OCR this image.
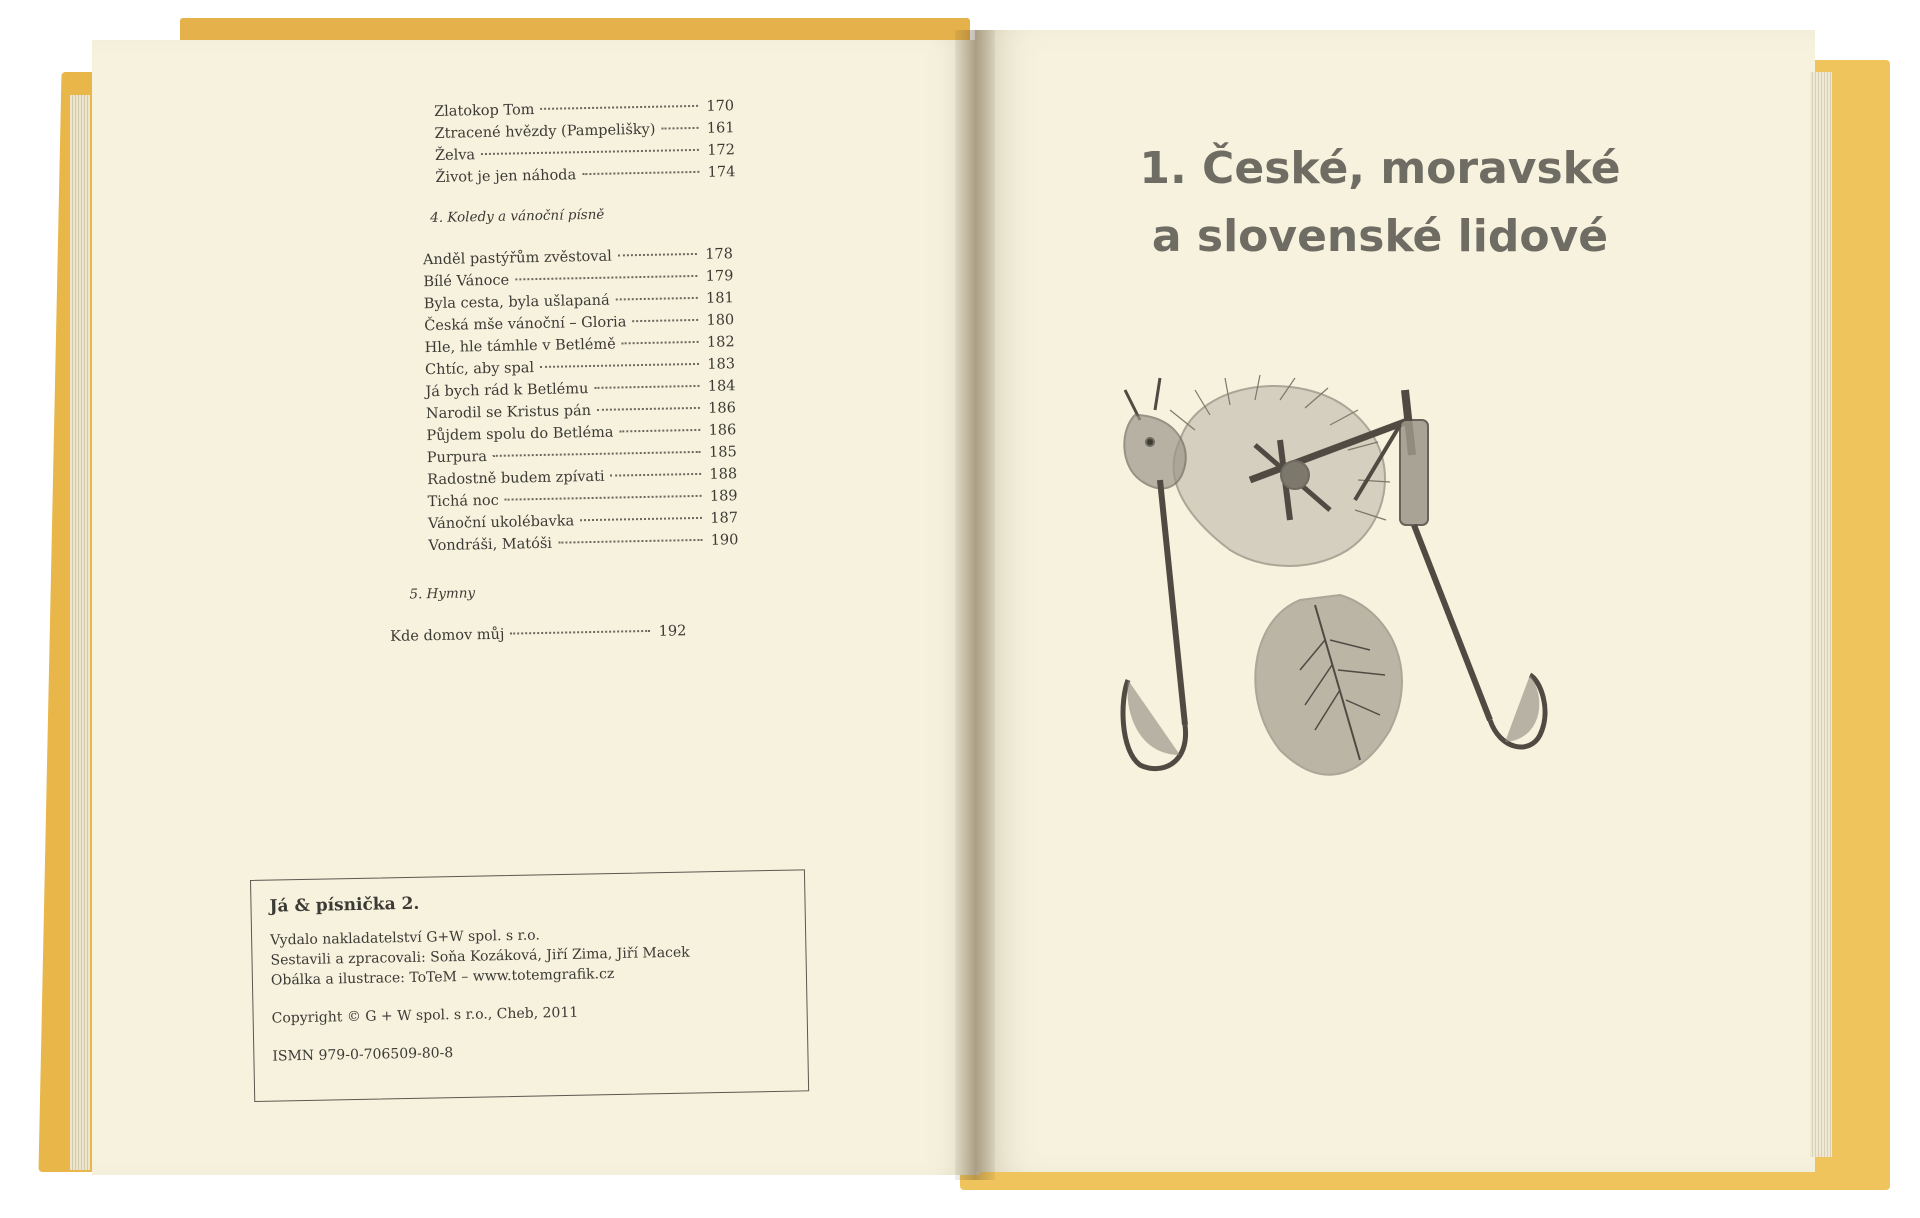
Zlatokop Tom	170
Ztracené hvězdy (Pampelišky)	161
Želva	172
Život je jen náhoda	174
4. Koledy a vánoční písně
Anděl pastýřům zvěstoval	178
Bílé Vánoce	179
Byla cesta, byla ušlapaná	181
Česká mše vánoční – Gloria	180
Hle, hle támhle v Betlémě	182
Chtíc, aby spal	183
Já bych rád k Betlému	184
Narodil se Kristus pán	186
Půjdem spolu do Betléma	186
Purpura	185
Radostně budem zpívati	188
Tichá noc	189
Vánoční ukolébavka	187
Vondráši, Matóši	190
5. Hymny
Kde domov můj	192
Já & písnička 2.
Vydalo nakladatelství G+W spol. s r.o.
Sestavili a zpracovali: Soňa Kozáková, Jiří Zima, Jiří Macek
Obálka a ilustrace: ToTeM – www.totemgrafik.cz
Copyright © G + W spol. s r.o., Cheb, 2011
ISMN 979-0-706509-80-8
1. České, moravské
a slovenské lidové
